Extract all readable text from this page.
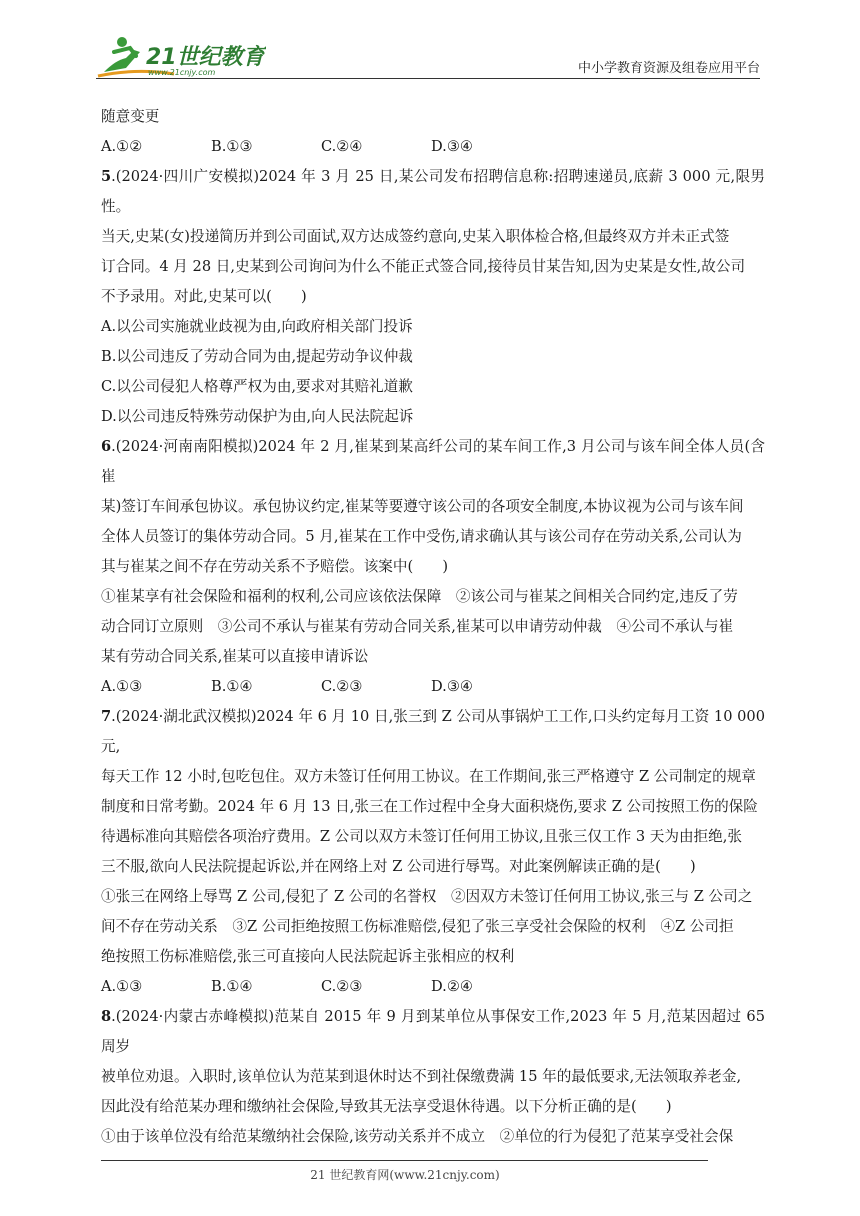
21世纪教育
www.21cnjy.com	中小学教育资源及组卷应用平台

随意变更

A.①②	B.①③	C.②④	D.③④

5.(2024·四川广安模拟)2024 年 3 月 25 日,某公司发布招聘信息称:招聘速递员,底薪 3 000 元,限男性。

当天,史某(女)投递简历并到公司面试,双方达成签约意向,史某入职体检合格,但最终双方并未正式签

订合同。4 月 28 日,史某到公司询问为什么不能正式签合同,接待员甘某告知,因为史某是女性,故公司

不予录用。对此,史某可以(　　)

A.以公司实施就业歧视为由,向政府相关部门投诉

B.以公司违反了劳动合同为由,提起劳动争议仲裁

C.以公司侵犯人格尊严权为由,要求对其赔礼道歉

D.以公司违反特殊劳动保护为由,向人民法院起诉

6.(2024·河南南阳模拟)2024 年 2 月,崔某到某高纤公司的某车间工作,3 月公司与该车间全体人员(含崔

某)签订车间承包协议。承包协议约定,崔某等要遵守该公司的各项安全制度,本协议视为公司与该车间

全体人员签订的集体劳动合同。5 月,崔某在工作中受伤,请求确认其与该公司存在劳动关系,公司认为

其与崔某之间不存在劳动关系不予赔偿。该案中(　　)

①崔某享有社会保险和福利的权利,公司应该依法保障　②该公司与崔某之间相关合同约定,违反了劳

动合同订立原则　③公司不承认与崔某有劳动合同关系,崔某可以申请劳动仲裁　④公司不承认与崔

某有劳动合同关系,崔某可以直接申请诉讼

A.①③	B.①④	C.②③	D.③④

7.(2024·湖北武汉模拟)2024 年 6 月 10 日,张三到 Z 公司从事锅炉工工作,口头约定每月工资 10 000 元,

每天工作 12 小时,包吃包住。双方未签订任何用工协议。在工作期间,张三严格遵守 Z 公司制定的规章

制度和日常考勤。2024 年 6 月 13 日,张三在工作过程中全身大面积烧伤,要求 Z 公司按照工伤的保险

待遇标准向其赔偿各项治疗费用。Z 公司以双方未签订任何用工协议,且张三仅工作 3 天为由拒绝,张

三不服,欲向人民法院提起诉讼,并在网络上对 Z 公司进行辱骂。对此案例解读正确的是(　　)

①张三在网络上辱骂 Z 公司,侵犯了 Z 公司的名誉权　②因双方未签订任何用工协议,张三与 Z 公司之

间不存在劳动关系　③Z 公司拒绝按照工伤标准赔偿,侵犯了张三享受社会保险的权利　④Z 公司拒

绝按照工伤标准赔偿,张三可直接向人民法院起诉主张相应的权利

A.①③	B.①④	C.②③	D.②④

8.(2024·内蒙古赤峰模拟)范某自 2015 年 9 月到某单位从事保安工作,2023 年 5 月,范某因超过 65 周岁

被单位劝退。入职时,该单位认为范某到退休时达不到社保缴费满 15 年的最低要求,无法领取养老金,

因此没有给范某办理和缴纳社会保险,导致其无法享受退休待遇。以下分析正确的是(　　)

①由于该单位没有给范某缴纳社会保险,该劳动关系并不成立　②单位的行为侵犯了范某享受社会保

21 世纪教育网(www.21cnjy.com)
